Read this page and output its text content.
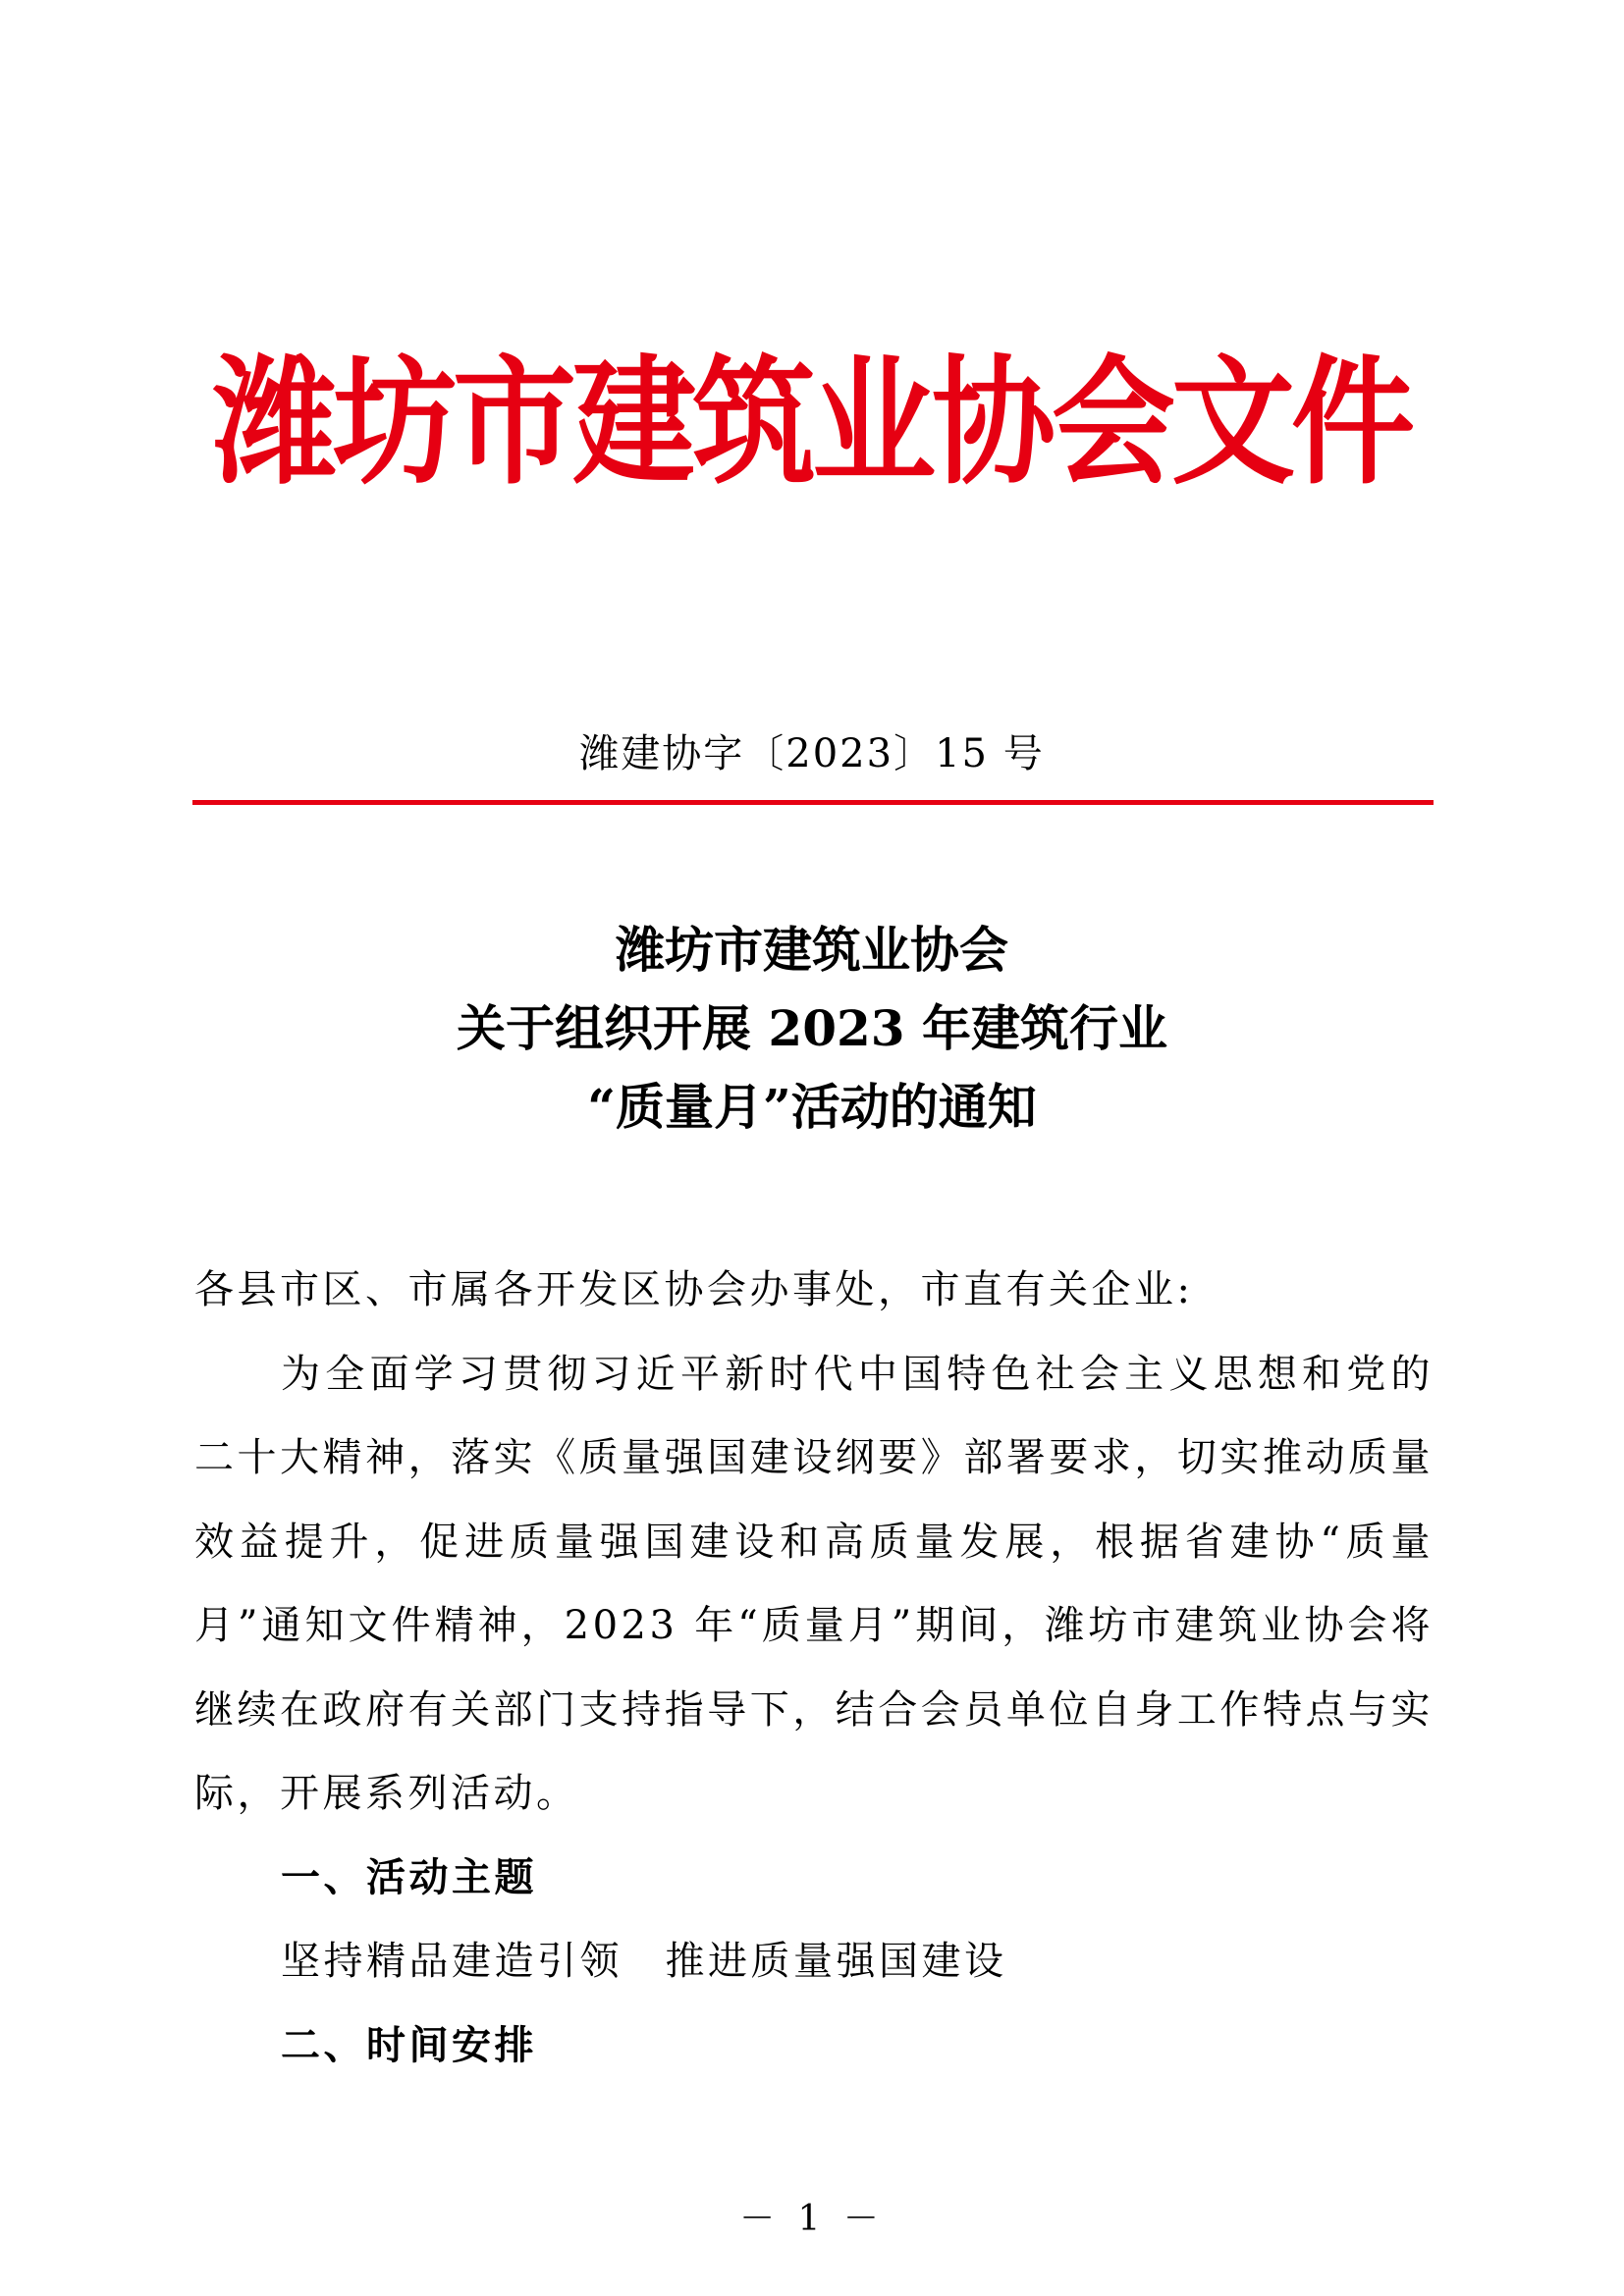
潍坊市建筑业协会文件
潍建协字〔2023〕15 号
潍坊市建筑业协会
关于组织开展 2023 年建筑行业
“质量月”活动的通知

各县市区、市属各开发区协会办事处，市直有关企业:

为全面学习贯彻习近平新时代中国特色社会主义思想和党的二十大精神，落实《质量强国建设纲要》部署要求，切实推动质量效益提升，促进质量强国建设和高质量发展，根据省建协“质量月”通知文件精神，2023 年“质量月”期间，潍坊市建筑业协会将继续在政府有关部门支持指导下，结合会员单位自身工作特点与实际，开展系列活动。

一、活动主题

坚持精品建造引领　推进质量强国建设

二、时间安排

－ 1 －
